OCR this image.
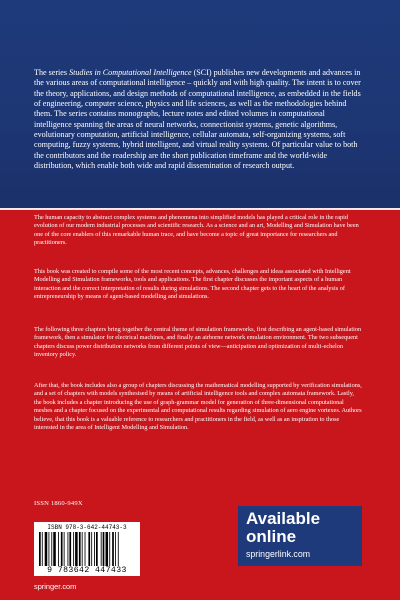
The series Studies in Computational Intelligence (SCI) publishes new developments and advances in the various areas of computational intelligence – quickly and with high quality. The intent is to cover the theory, applications, and design methods of computational intelligence, as embedded in the fields of engineering, computer science, physics and life sciences, as well as the methodologies behind them. The series contains monographs, lecture notes and edited volumes in computational intelligence spanning the areas of neural networks, connectionist systems, genetic algorithms, evolutionary computation, artificial intelligence, cellular automata, self-organizing systems, soft computing, fuzzy systems, hybrid intelligent, and virtual reality systems. Of particular value to both the contributors and the readership are the short publication timeframe and the world-wide distribution, which enable both wide and rapid dissemination of research output.
The human capacity to abstract complex systems and phenomena into simplified models has played a critical role in the rapid evolution of our modern industrial processes and scientific research. As a science and an art, Modelling and Simulation have been one of the core enablers of this remarkable human trace, and have become a topic of great importance for researchers and practitioners.
This book was created to compile some of the most recent concepts, advances, challenges and ideas associated with Intelligent Modelling and Simulation frameworks, tools and applications. The first chapter discusses the important aspects of a human interaction and the correct interpretation of results during simulations. The second chapter gets to the heart of the analysis of entrepreneurship by means of agent-based modelling and simulations.
The following three chapters bring together the central theme of simulation frameworks, first describing an agent-based simulation framework, then a simulator for electrical machines, and finally an airborne network emulation environment. The two subsequent chapters discuss power distribution networks from different points of view—anticipation and optimization of multi-echelon inventory policy.
After that, the book includes also a group of chapters discussing the mathematical modelling supported by verification simulations, and a set of chapters with models synthesised by means of artificial intelligence tools and complex automata framework. Lastly, the book includes a chapter introducing the use of graph-grammar model for generation of three-dimensional computational meshes and a chapter focused on the experimental and computational results regarding simulation of aero engine vortexes. Authors believe, that this book is a valuable reference to researchers and practitioners in the field, as well as an inspiration to those interested in the area of Intelligent Modelling and Simulation.
ISSN 1860-949X
ISBN 978-3-642-44743-3
9 783642 447433
Available
online
springerlink.com
springer.com
